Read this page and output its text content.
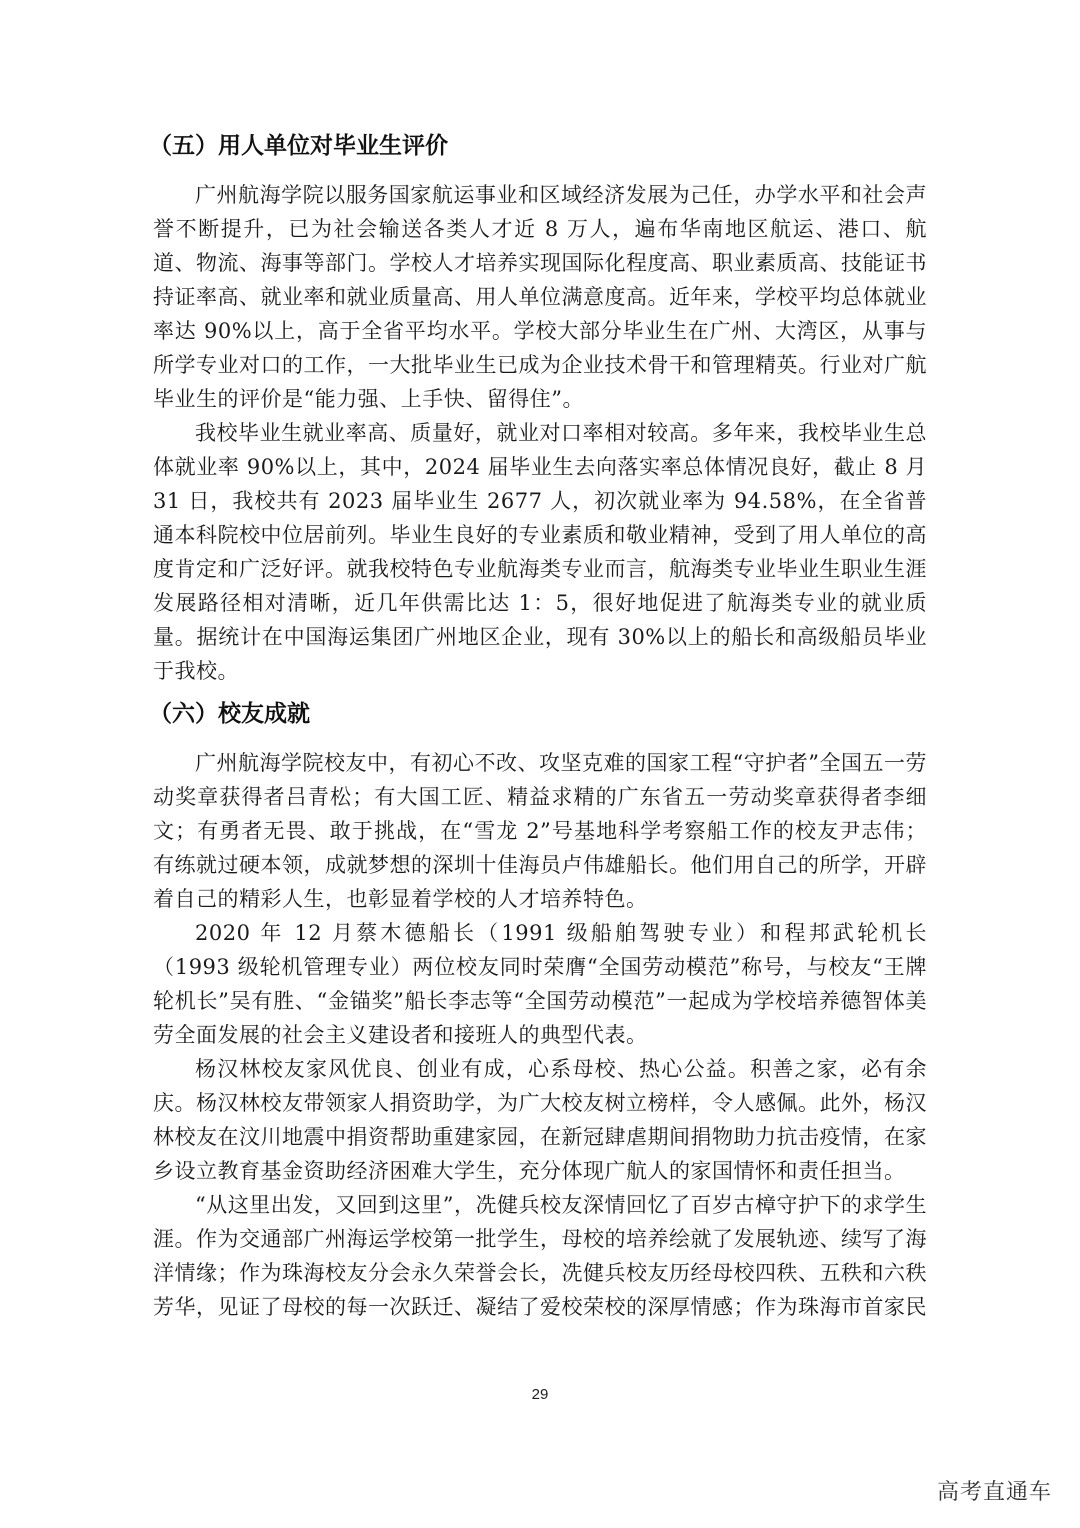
（五）用人单位对毕业生评价

广州航海学院以服务国家航运事业和区域经济发展为己任，办学水平和社会声誉不断提升，已为社会输送各类人才近 8 万人，遍布华南地区航运、港口、航道、物流、海事等部门。学校人才培养实现国际化程度高、职业素质高、技能证书持证率高、就业率和就业质量高、用人单位满意度高。近年来，学校平均总体就业率达 90%以上，高于全省平均水平。学校大部分毕业生在广州、大湾区，从事与所学专业对口的工作，一大批毕业生已成为企业技术骨干和管理精英。行业对广航毕业生的评价是“能力强、上手快、留得住”。

我校毕业生就业率高、质量好，就业对口率相对较高。多年来，我校毕业生总体就业率 90%以上，其中，2024 届毕业生去向落实率总体情况良好，截止 8 月 31 日，我校共有 2023 届毕业生 2677 人，初次就业率为 94.58%，在全省普通本科院校中位居前列。毕业生良好的专业素质和敬业精神，受到了用人单位的高度肯定和广泛好评。就我校特色专业航海类专业而言，航海类专业毕业生职业生涯发展路径相对清晰，近几年供需比达 1：5，很好地促进了航海类专业的就业质量。据统计在中国海运集团广州地区企业，现有 30%以上的船长和高级船员毕业于我校。

（六）校友成就

广州航海学院校友中，有初心不改、攻坚克难的国家工程“守护者”全国五一劳动奖章获得者吕青松；有大国工匠、精益求精的广东省五一劳动奖章获得者李细文；有勇者无畏、敢于挑战，在“雪龙 2”号基地科学考察船工作的校友尹志伟；有练就过硬本领，成就梦想的深圳十佳海员卢伟雄船长。他们用自己的所学，开辟着自己的精彩人生，也彰显着学校的人才培养特色。

2020 年 12 月蔡木德船长（1991 级船舶驾驶专业）和程邦武轮机长（1993 级轮机管理专业）两位校友同时荣膺“全国劳动模范”称号，与校友“王牌轮机长”吴有胜、“金锚奖”船长李志等“全国劳动模范”一起成为学校培养德智体美劳全面发展的社会主义建设者和接班人的典型代表。

杨汉林校友家风优良、创业有成，心系母校、热心公益。积善之家，必有余庆。杨汉林校友带领家人捐资助学，为广大校友树立榜样，令人感佩。此外，杨汉林校友在汶川地震中捐资帮助重建家园，在新冠肆虐期间捐物助力抗击疫情，在家乡设立教育基金资助经济困难大学生，充分体现广航人的家国情怀和责任担当。

“从这里出发，又回到这里”，冼健兵校友深情回忆了百岁古樟守护下的求学生涯。作为交通部广州海运学校第一批学生，母校的培养绘就了发展轨迹、续写了海洋情缘；作为珠海校友分会永久荣誉会长，冼健兵校友历经母校四秩、五秩和六秩芳华，见证了母校的每一次跃迁、凝结了爱校荣校的深厚情感；作为珠海市首家民

29
高考直通车
